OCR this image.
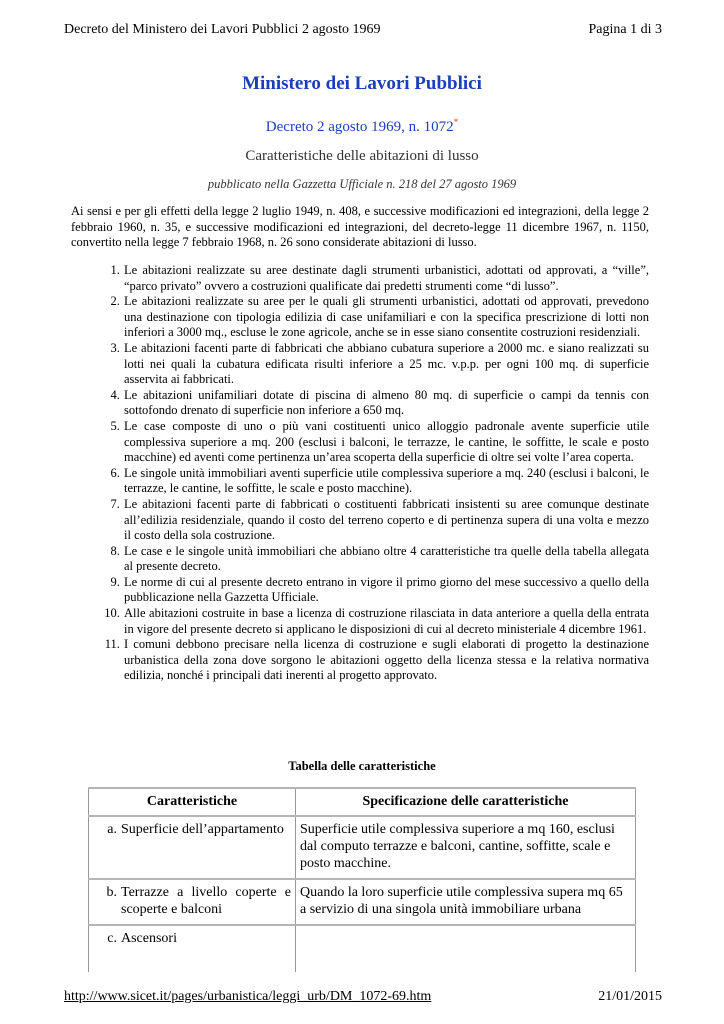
Decreto del Ministero dei Lavori Pubblici 2 agosto 1969	Pagina 1 di 3
Ministero dei Lavori Pubblici
Decreto 2 agosto 1969, n. 1072*
Caratteristiche delle abitazioni di lusso
pubblicato nella Gazzetta Ufficiale n. 218 del 27 agosto 1969
Ai sensi e per gli effetti della legge 2 luglio 1949, n. 408, e successive modificazioni ed integrazioni, della legge 2 febbraio 1960, n. 35, e successive modificazioni ed integrazioni, del decreto-legge 11 dicembre 1967, n. 1150, convertito nella legge 7 febbraio 1968, n. 26 sono considerate abitazioni di lusso.
1. Le abitazioni realizzate su aree destinate dagli strumenti urbanistici, adottati od approvati, a “ville”, “parco privato” ovvero a costruzioni qualificate dai predetti strumenti come “di lusso”.
2. Le abitazioni realizzate su aree per le quali gli strumenti urbanistici, adottati od approvati, prevedono una destinazione con tipologia edilizia di case unifamiliari e con la specifica prescrizione di lotti non inferiori a 3000 mq., escluse le zone agricole, anche se in esse siano consentite costruzioni residenziali.
3. Le abitazioni facenti parte di fabbricati che abbiano cubatura superiore a 2000 mc. e siano realizzati su lotti nei quali la cubatura edificata risulti inferiore a 25 mc. v.p.p. per ogni 100 mq. di superficie asservita ai fabbricati.
4. Le abitazioni unifamiliari dotate di piscina di almeno 80 mq. di superficie o campi da tennis con sottofondo drenato di superficie non inferiore a 650 mq.
5. Le case composte di uno o più vani costituenti unico alloggio padronale avente superficie utile complessiva superiore a mq. 200 (esclusi i balconi, le terrazze, le cantine, le soffitte, le scale e posto macchine) ed aventi come pertinenza un’area scoperta della superficie di oltre sei volte l’area coperta.
6. Le singole unità immobiliari aventi superficie utile complessiva superiore a mq. 240 (esclusi i balconi, le terrazze, le cantine, le soffitte, le scale e posto macchine).
7. Le abitazioni facenti parte di fabbricati o costituenti fabbricati insistenti su aree comunque destinate all’edilizia residenziale, quando il costo del terreno coperto e di pertinenza supera di una volta e mezzo il costo della sola costruzione.
8. Le case e le singole unità immobiliari che abbiano oltre 4 caratteristiche tra quelle della tabella allegata al presente decreto.
9. Le norme di cui al presente decreto entrano in vigore il primo giorno del mese successivo a quello della pubblicazione nella Gazzetta Ufficiale.
10. Alle abitazioni costruite in base a licenza di costruzione rilasciata in data anteriore a quella della entrata in vigore del presente decreto si applicano le disposizioni di cui al decreto ministeriale 4 dicembre 1961.
11. I comuni debbono precisare nella licenza di costruzione e sugli elaborati di progetto la destinazione urbanistica della zona dove sorgono le abitazioni oggetto della licenza stessa e la relativa normativa edilizia, nonché i principali dati inerenti al progetto approvato.
Tabella delle caratteristiche
Caratteristiche	Specificazione delle caratteristiche

a. Superficie dell’appartamento	Superficie utile complessiva superiore a mq 160, esclusi dal computo terrazze e balconi, cantine, soffitte, scale e posto macchine.

b. Terrazze a livello coperte e scoperte e balconi	Quando la loro superficie utile complessiva supera mq 65 a servizio di una singola unità immobiliare urbana

c. Ascensori	

http://www.sicet.it/pages/urbanistica/leggi_urb/DM_1072-69.htm	21/01/2015
